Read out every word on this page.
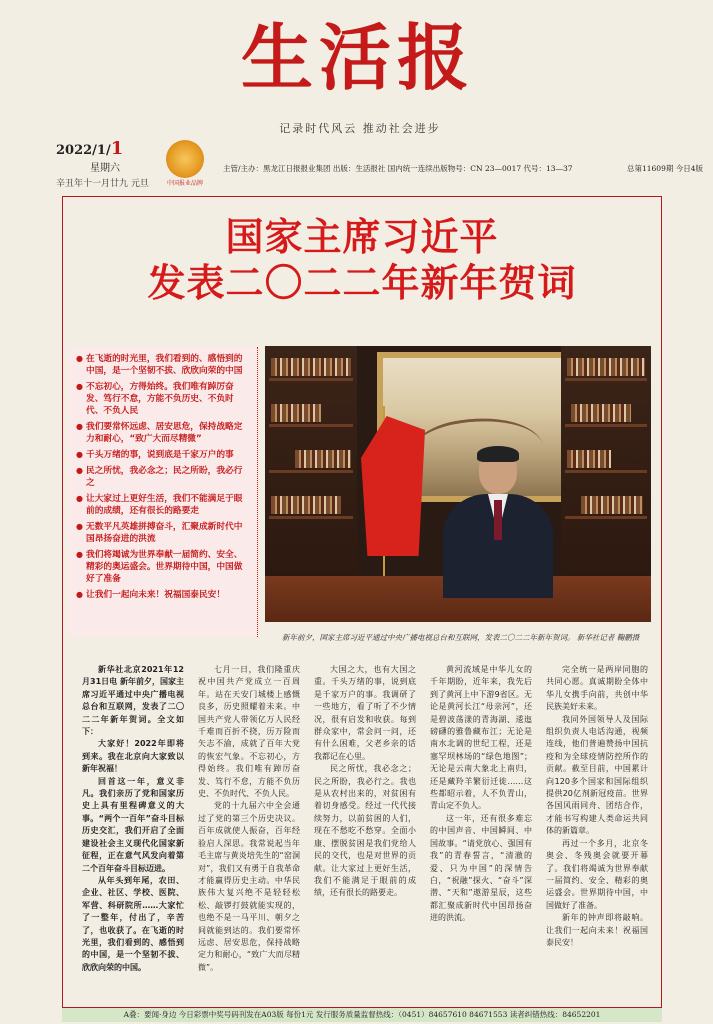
生活报
记录时代风云 推动社会进步
2022/1/1
星期六
辛丑年十一月廿九 元旦	中国报业品牌
主管/主办：黑龙江日报报业集团 出版：生活报社 国内统一连续出版物号：CN 23—0017 代号：13—37	总第11609期 今日4版
国家主席习近平
发表二〇二二年新年贺词
● 在飞逝的时光里，我们看到的、感悟到的中国，是一个坚韧不拔、欣欣向荣的中国
● 不忘初心，方得始终。我们唯有踔厉奋发、笃行不怠，方能不负历史、不负时代、不负人民
● 我们要常怀远虑、居安思危，保持战略定力和耐心，“致广大而尽精微”
● 千头万绪的事，说到底是千家万户的事
● 民之所忧，我必念之；民之所盼，我必行之
● 让大家过上更好生活，我们不能满足于眼前的成绩，还有很长的路要走
● 无数平凡英雄拼搏奋斗，汇聚成新时代中国昂扬奋进的洪流
● 我们将竭诚为世界奉献一届简约、安全、精彩的奥运盛会。世界期待中国，中国做好了准备
● 让我们一起向未来！祝福国泰民安！
新年前夕，国家主席习近平通过中央广播电视总台和互联网，发表二〇二二年新年贺词。 新华社记者 鞠鹏摄

新华社北京2021年12月31日电 新年前夕，国家主席习近平通过中央广播电视总台和互联网，发表了二〇二二年新年贺词。全文如下：

大家好！2022年即将到来。我在北京向大家致以新年祝福！

回首这一年，意义非凡。我们亲历了党和国家历史上具有里程碑意义的大事。“两个一百年”奋斗目标历史交汇，我们开启了全面建设社会主义现代化国家新征程，正在意气风发向着第二个百年奋斗目标迈进。

从年头到年尾，农田、企业、社区、学校、医院、军营、科研院所……大家忙了一整年，付出了，辛苦了，也收获了。在飞逝的时光里，我们看到的、感悟到的中国，是一个坚韧不拔、欣欣向荣的中国。

七月一日，我们隆重庆祝中国共产党成立一百周年。站在天安门城楼上感慨良多，历史照耀着未来。中国共产党人带领亿万人民经千难而百折不挠，历万险而矢志不渝，成就了百年大党的恢宏气象。不忘初心，方得始终。我们唯有踔厉奋发、笃行不怠，方能不负历史、不负时代、不负人民。

党的十九届六中全会通过了党的第三个历史决议。百年成就使人振奋，百年经验启人深思。我常说起当年毛主席与黄炎培先生的“窑洞对”，我们又有勇于自我革命才能赢得历史主动。中华民族伟大复兴绝不是轻轻松松、敲锣打鼓就能实现的，也绝不是一马平川、朝夕之间就能到达的。我们要常怀远虑、居安思危，保持战略定力和耐心，“致广大而尽精微”。

大国之大，也有大国之重。千头万绪的事，说到底是千家万户的事。我调研了一些地方，看了听了不少情况，很有启发和收获。每到群众家中，常会问一问，还有什么困难，父老乡亲的话我都记在心里。

民之所忧，我必念之；民之所盼，我必行之。我也是从农村出来的，对贫困有着切身感受。经过一代代接续努力，以前贫困的人们，现在不愁吃不愁穿。全面小康、摆脱贫困是我们党给人民的交代，也是对世界的贡献。让大家过上更好生活，我们不能满足于眼前的成绩，还有很长的路要走。

黄河流域是中华儿女的千年期盼，近年来，我先后到了黄河上中下游9省区。无论是黄河长江“母亲河”，还是碧波荡漾的青海湖、逶迤磅礴的雅鲁藏布江；无论是南水北调的世纪工程，还是塞罕坝林场的“绿色地图”；无论是云南大象北上南归，还是藏羚羊繁衍迁徙……这些都昭示着，人不负青山，青山定不负人。

这一年，还有很多难忘的中国声音、中国瞬间、中国故事。“请党放心、强国有我”的青春誓言，“清澈的爱、只为中国”的深情告白，“祝融”探火、“奋斗”深潜、“天和”遨游星辰，这些都汇聚成新时代中国昂扬奋进的洪流。

完全统一是两岸同胞的共同心愿。真诚期盼全体中华儿女携手向前，共创中华民族美好未来。

我同外国领导人及国际组织负责人电话沟通，视频连线，他们普遍赞扬中国抗疫和为全球疫情防控所作的贡献。截至目前，中国累计向120多个国家和国际组织提供20亿剂新冠疫苗。世界各国风雨同舟、团结合作，才能书写构建人类命运共同体的新篇章。

再过一个多月，北京冬奥会、冬残奥会就要开幕了。我们将竭诚为世界奉献一届简约、安全、精彩的奥运盛会。世界期待中国，中国做好了准备。

新年的钟声即将敲响。让我们一起向未来！祝福国泰民安！

A叠：要闻·身边 今日彩票中奖号码刊发在A03版 每份1元 发行服务质量监督热线：（0451）84657610 84671553 读者纠错热线：84652201
